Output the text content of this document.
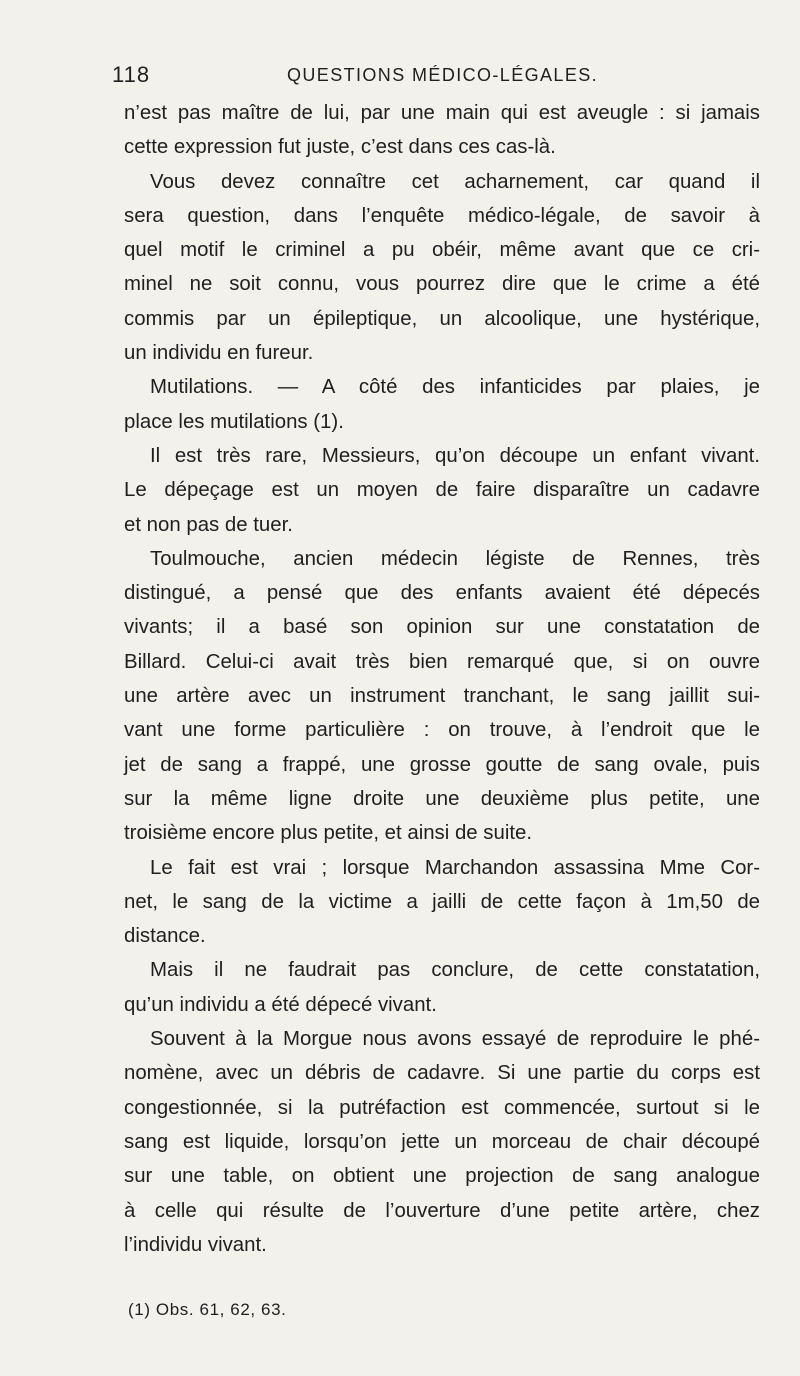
118	QUESTIONS MÉDICO-LÉGALES.
n’est pas maître de lui, par une main qui est aveugle : si jamais
cette expression fut juste, c’est dans ces cas-là.
Vous devez connaître cet acharnement, car quand il
sera question, dans l’enquête médico-légale, de savoir à
quel motif le criminel a pu obéir, même avant que ce cri-
minel ne soit connu, vous pourrez dire que le crime a été
commis par un épileptique, un alcoolique, une hystérique,
un individu en fureur.
Mutilations. — A côté des infanticides par plaies, je
place les mutilations (1).
Il est très rare, Messieurs, qu’on découpe un enfant vivant.
Le dépeçage est un moyen de faire disparaître un cadavre
et non pas de tuer.
Toulmouche, ancien médecin légiste de Rennes, très
distingué, a pensé que des enfants avaient été dépecés
vivants; il a basé son opinion sur une constatation de
Billard. Celui-ci avait très bien remarqué que, si on ouvre
une artère avec un instrument tranchant, le sang jaillit sui-
vant une forme particulière : on trouve, à l’endroit que le
jet de sang a frappé, une grosse goutte de sang ovale, puis
sur la même ligne droite une deuxième plus petite, une
troisième encore plus petite, et ainsi de suite.
Le fait est vrai ; lorsque Marchandon assassina Mme Cor-
net, le sang de la victime a jailli de cette façon à 1m,50 de
distance.
Mais il ne faudrait pas conclure, de cette constatation,
qu’un individu a été dépecé vivant.
Souvent à la Morgue nous avons essayé de reproduire le phé-
nomène, avec un débris de cadavre. Si une partie du corps est
congestionnée, si la putréfaction est commencée, surtout si le
sang est liquide, lorsqu’on jette un morceau de chair découpé
sur une table, on obtient une projection de sang analogue
à celle qui résulte de l’ouverture d’une petite artère, chez
l’individu vivant.
(1) Obs. 61, 62, 63.
